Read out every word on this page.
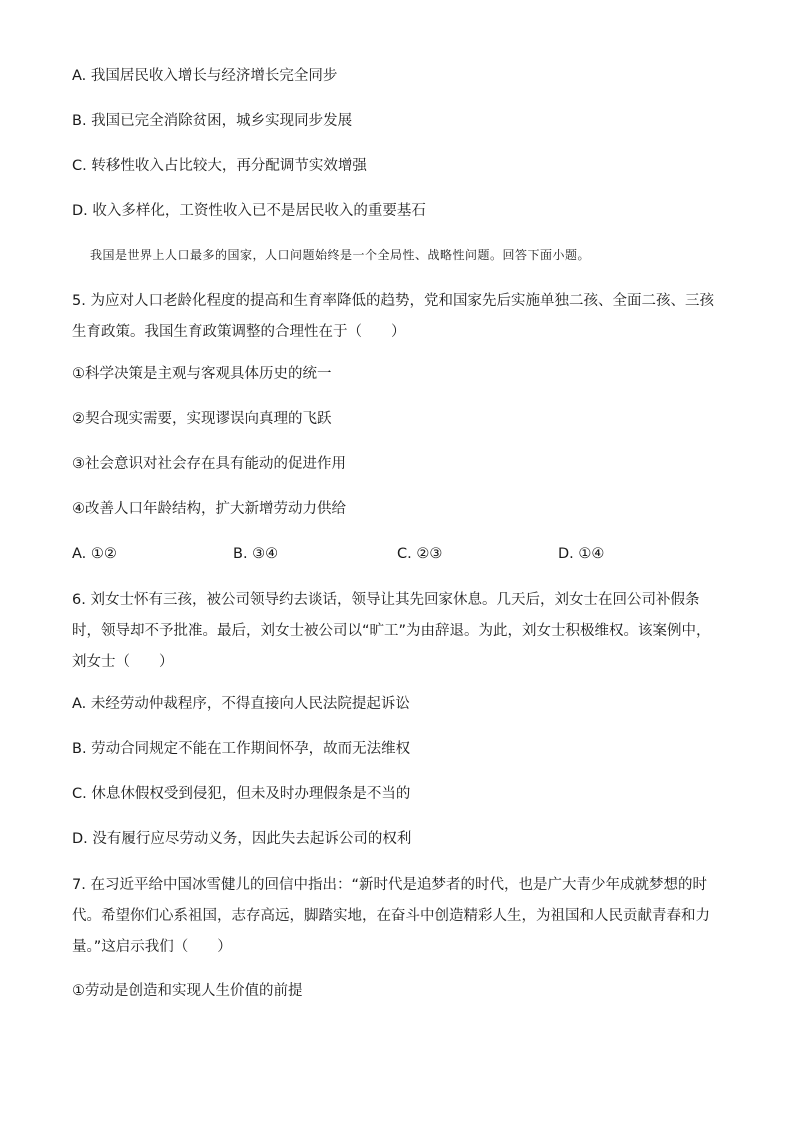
A. 我国居民收入增长与经济增长完全同步
B. 我国已完全消除贫困，城乡实现同步发展
C. 转移性收入占比较大，再分配调节实效增强
D. 收入多样化，工资性收入已不是居民收入的重要基石
我国是世界上人口最多的国家，人口问题始终是一个全局性、战略性问题。回答下面小题。
5. 为应对人口老龄化程度的提高和生育率降低的趋势，党和国家先后实施单独二孩、全面二孩、三孩生育政策。我国生育政策调整的合理性在于（　　）
①科学决策是主观与客观具体历史的统一
②契合现实需要，实现谬误向真理的飞跃
③社会意识对社会存在具有能动的促进作用
④改善人口年龄结构，扩大新增劳动力供给
A. ①②	B. ③④	C. ②③	D. ①④
6. 刘女士怀有三孩，被公司领导约去谈话，领导让其先回家休息。几天后，刘女士在回公司补假条时，领导却不予批准。最后，刘女士被公司以“旷工”为由辞退。为此，刘女士积极维权。该案例中，刘女士（　　）
A. 未经劳动仲裁程序，不得直接向人民法院提起诉讼
B. 劳动合同规定不能在工作期间怀孕，故而无法维权
C. 休息休假权受到侵犯，但未及时办理假条是不当的
D. 没有履行应尽劳动义务，因此失去起诉公司的权利
7. 在习近平给中国冰雪健儿的回信中指出：“新时代是追梦者的时代，也是广大青少年成就梦想的时代。希望你们心系祖国，志存高远，脚踏实地，在奋斗中创造精彩人生，为祖国和人民贡献青春和力量。”这启示我们（　　）
①劳动是创造和实现人生价值的前提
